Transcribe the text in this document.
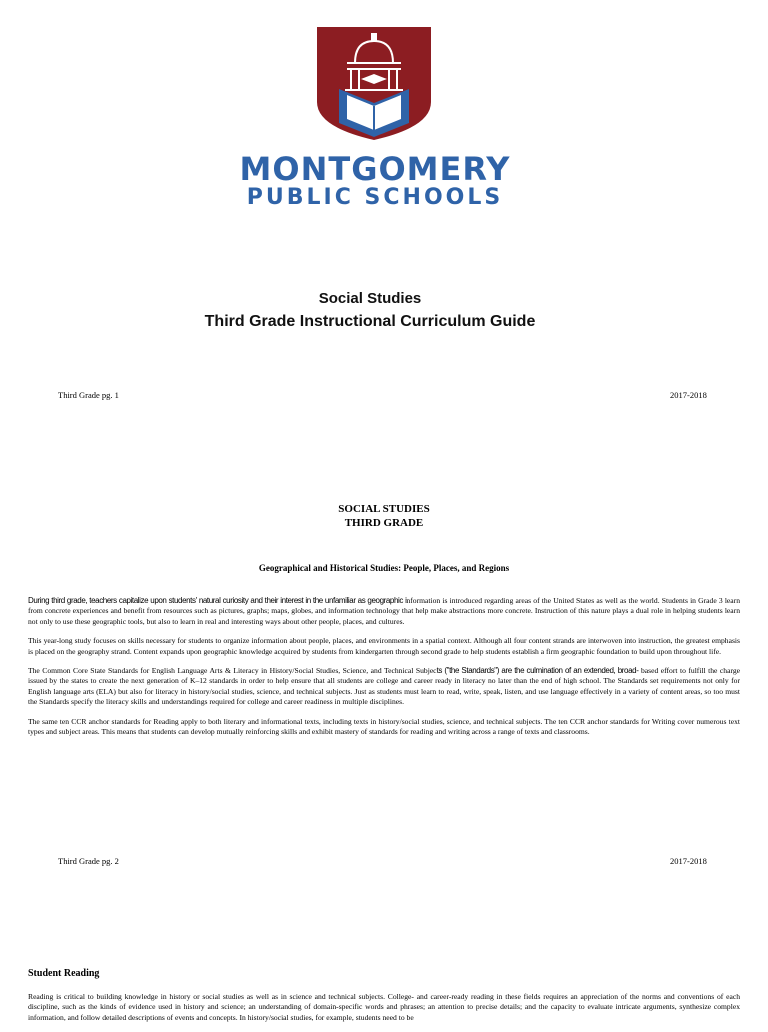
MONTGOMERY
PUBLIC SCHOOLS
Social Studies
Third Grade Instructional Curriculum Guide
Third Grade pg. 1	2017-2018
SOCIAL STUDIES
THIRD GRADE
Geographical and Historical Studies: People, Places, and Regions

During third grade, teachers capitalize upon students' natural curiosity and their interest in the unfamiliar as geographic information is introduced regarding areas of the United States as well as the world. Students in Grade 3 learn from concrete experiences and benefit from resources such as pictures, graphs; maps, globes, and information technology that help make abstractions more concrete. Instruction of this nature plays a dual role in helping students learn not only to use these geographic tools, but also to learn in real and interesting ways about other people, places, and cultures.

This year-long study focuses on skills necessary for students to organize information about people, places, and environments in a spatial context. Although all four content strands are interwoven into instruction, the greatest emphasis is placed on the geography strand. Content expands upon geographic knowledge acquired by students from kindergarten through second grade to help students establish a firm geographic foundation to build upon throughout life.

The Common Core State Standards for English Language Arts & Literacy in History/Social Studies, Science, and Technical Subjects ("the Standards") are the culmination of an extended, broad- based effort to fulfill the charge issued by the states to create the next generation of K–12 standards in order to help ensure that all students are college and career ready in literacy no later than the end of high school. The Standards set requirements not only for English language arts (ELA) but also for literacy in history/social studies, science, and technical subjects. Just as students must learn to read, write, speak, listen, and use language effectively in a variety of content areas, so too must the Standards specify the literacy skills and understandings required for college and career readiness in multiple disciplines.

The same ten CCR anchor standards for Reading apply to both literary and informational texts, including texts in history/social studies, science, and technical subjects. The ten CCR anchor standards for Writing cover numerous text types and subject areas. This means that students can develop mutually reinforcing skills and exhibit mastery of standards for reading and writing across a range of texts and classrooms.

Third Grade pg. 2	2017-2018
Student Reading

Reading is critical to building knowledge in history or social studies as well as in science and technical subjects. College- and career-ready reading in these fields requires an appreciation of the norms and conventions of each discipline, such as the kinds of evidence used in history and science; an understanding of domain-specific words and phrases; an attention to precise details; and the capacity to evaluate intricate arguments, synthesize complex information, and follow detailed descriptions of events and concepts. In history/social studies, for example, students need to be
